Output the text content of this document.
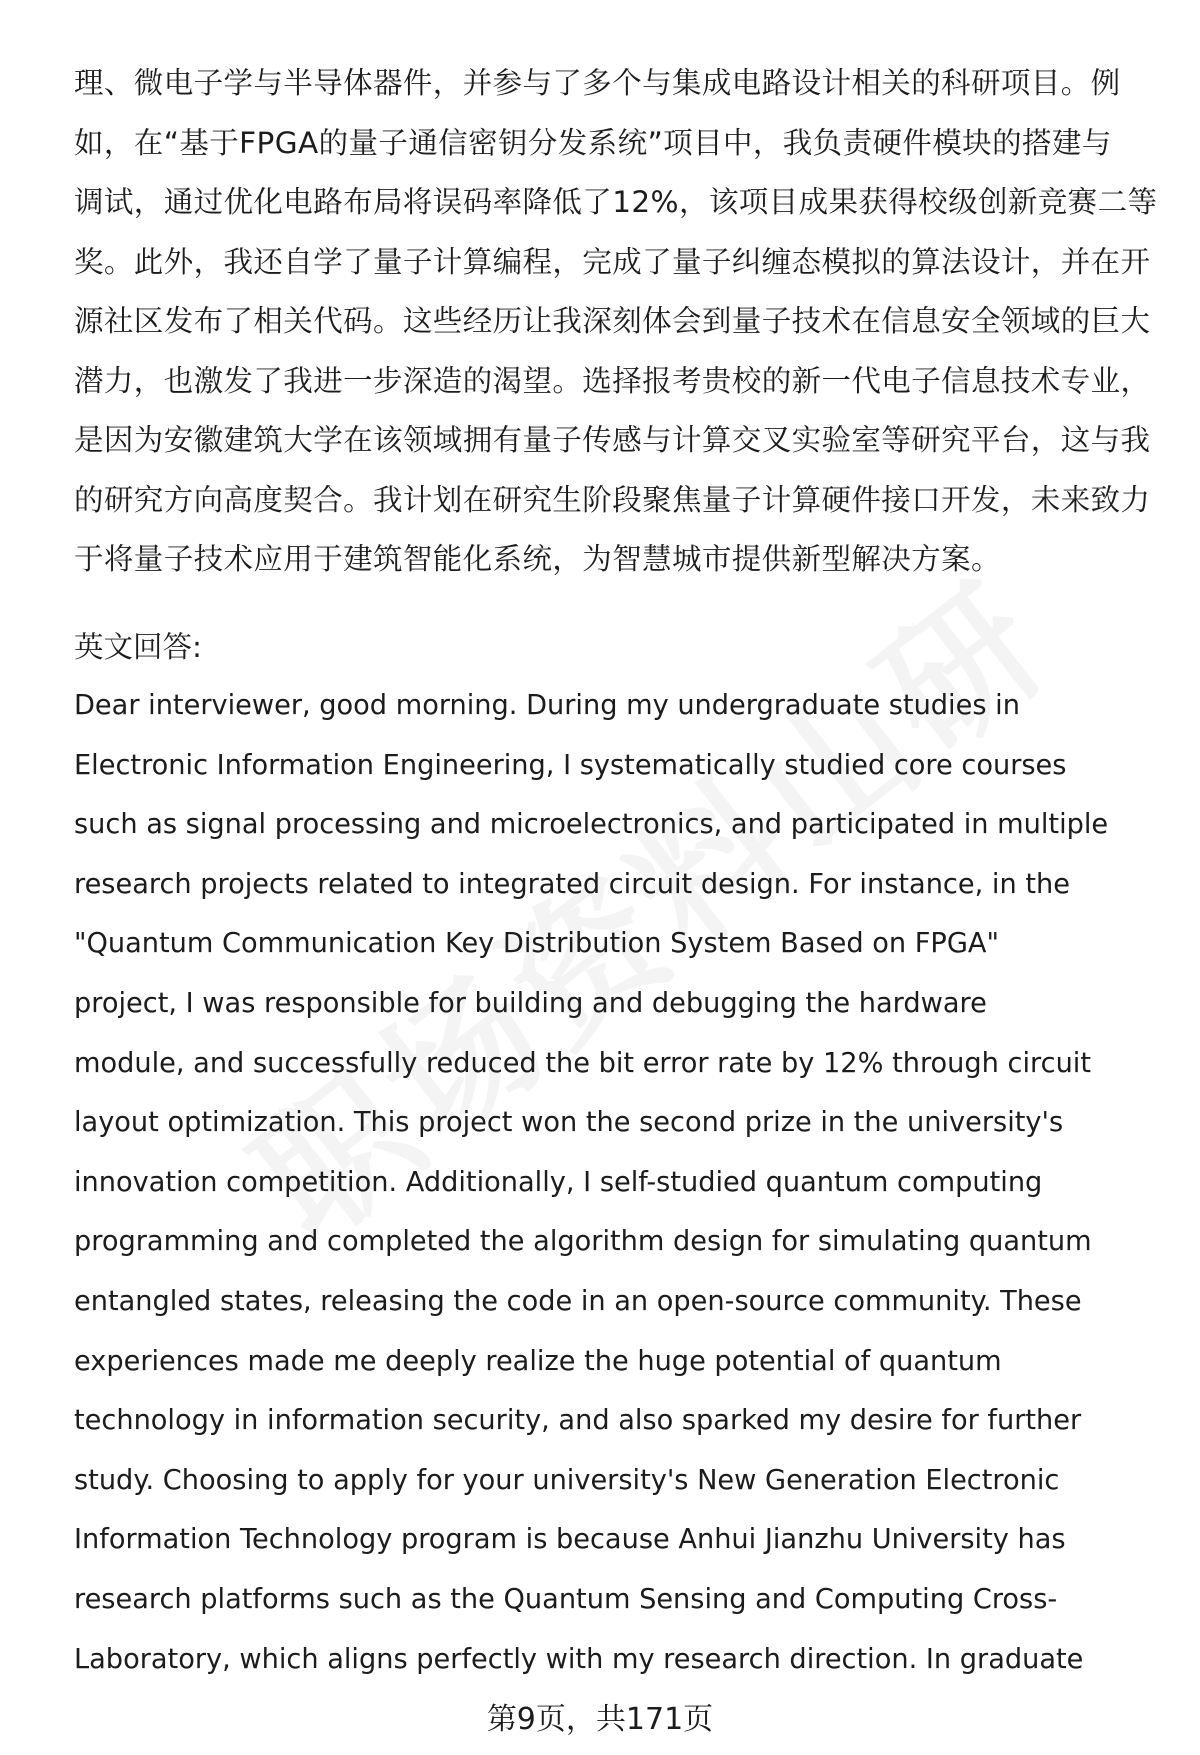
理、微电子学与半导体器件，并参与了多个与集成电路设计相关的科研项目。例
如，在“基于FPGA的量子通信密钥分发系统”项目中，我负责硬件模块的搭建与
调试，通过优化电路布局将误码率降低了12%，该项目成果获得校级创新竞赛二等
奖。此外，我还自学了量子计算编程，完成了量子纠缠态模拟的算法设计，并在开
源社区发布了相关代码。这些经历让我深刻体会到量子技术在信息安全领域的巨大
潜力，也激发了我进一步深造的渴望。选择报考贵校的新一代电子信息技术专业，
是因为安徽建筑大学在该领域拥有量子传感与计算交叉实验室等研究平台，这与我
的研究方向高度契合。我计划在研究生阶段聚焦量子计算硬件接口开发，未来致力
于将量子技术应用于建筑智能化系统，为智慧城市提供新型解决方案。
英文回答:
Dear interviewer, good morning. During my undergraduate studies in
Electronic Information Engineering, I systematically studied core courses
such as signal processing and microelectronics, and participated in multiple
research projects related to integrated circuit design. For instance, in the
"Quantum Communication Key Distribution System Based on FPGA"
project, I was responsible for building and debugging the hardware
module, and successfully reduced the bit error rate by 12% through circuit
layout optimization. This project won the second prize in the university's
innovation competition. Additionally, I self-studied quantum computing
programming and completed the algorithm design for simulating quantum
entangled states, releasing the code in an open-source community. These
experiences made me deeply realize the huge potential of quantum
technology in information security, and also sparked my desire for further
study. Choosing to apply for your university's New Generation Electronic
Information Technology program is because Anhui Jianzhu University has
research platforms such as the Quantum Sensing and Computing Cross-
Laboratory, which aligns perfectly with my research direction. In graduate
第9页，共171页
